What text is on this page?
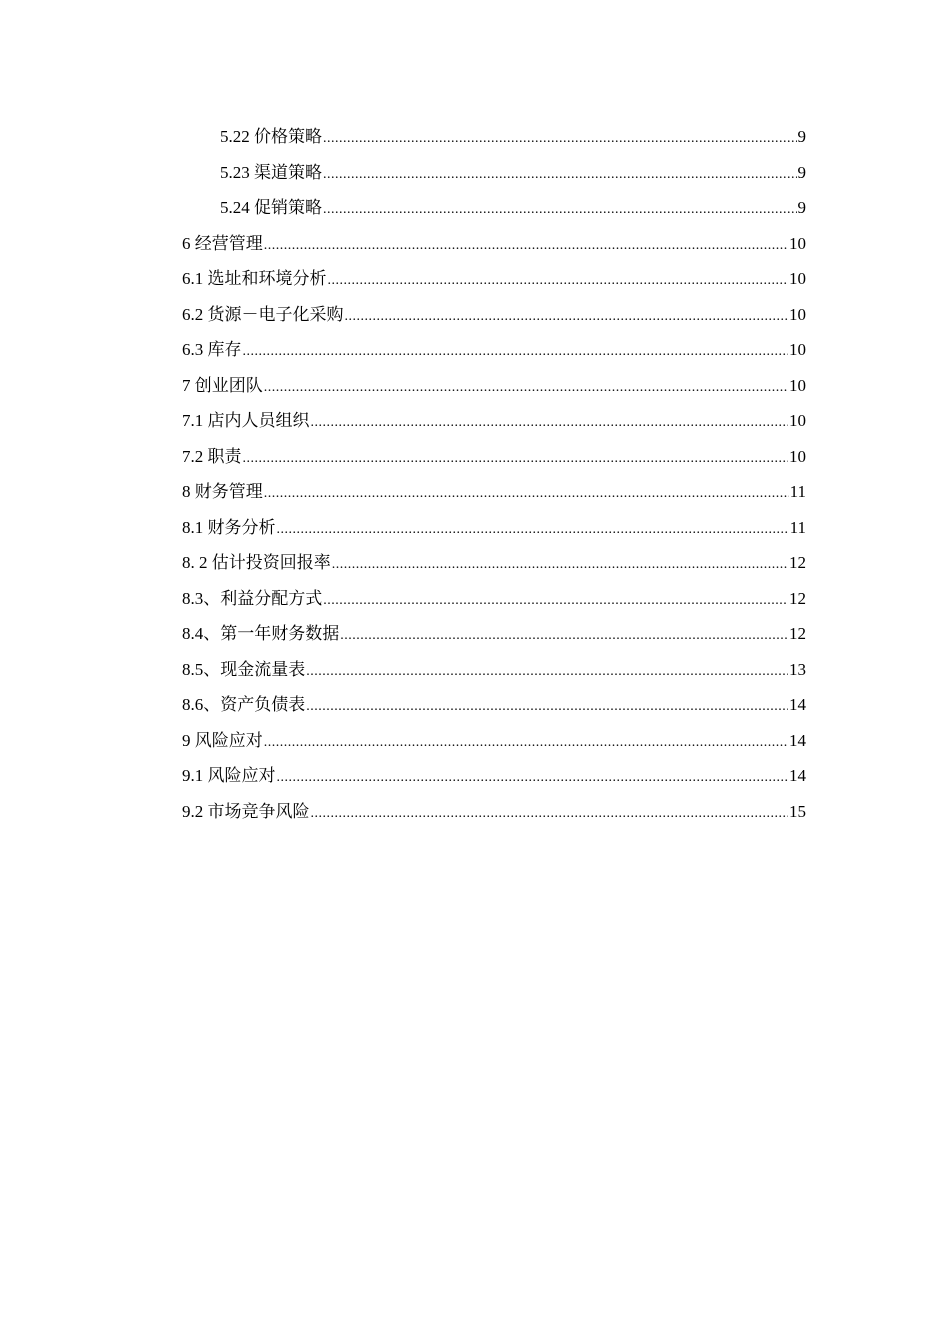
5.22 价格策略 .....	9
5.23 渠道策略 .....	9
5.24 促销策略 .....	9
6 经营管理 .....	10
6.1 选址和环境分析 .....	10
6.2 货源－电子化采购 .....	10
6.3 库存 .....	10
7 创业团队 .....	10
7.1 店内人员组织 .....	10
7.2 职责 .....	10
8 财务管理 .....	11
8.1 财务分析 .....	11
8. 2 估计投资回报率 .....	12
8.3、利益分配方式 .....	12
8.4、第一年财务数据 .....	12
8.5、现金流量表 .....	13
8.6、资产负债表 .....	14
9 风险应对 .....	14
9.1 风险应对 .....	14
9.2 市场竞争风险 .....	15
